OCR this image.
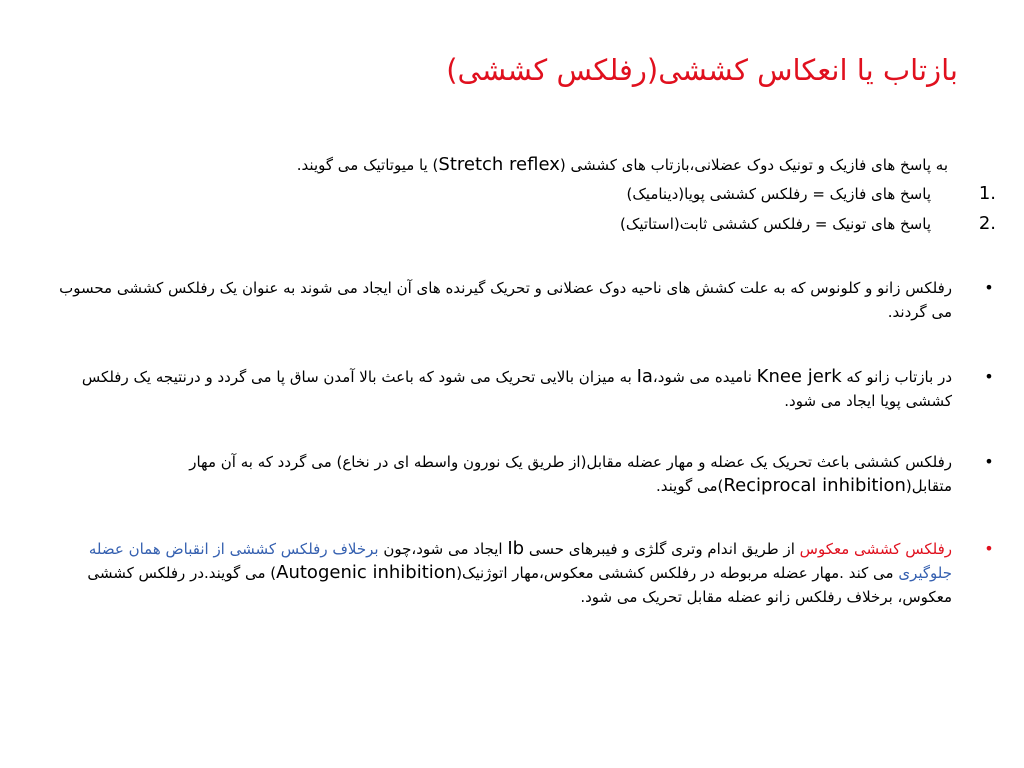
بازتاب یا انعکاس کششی(رفلکس کششی)
به پاسخ های فازیک و تونیک دوک عضلانی،بازتاب های کششی (Stretch reflex) یا میوتاتیک می گویند.
1.
پاسخ های فازیک = رفلکس کششی پویا(دینامیک)
2.
پاسخ های تونیک = رفلکس کششی ثابت(استاتیک)
•
رفلکس زانو و کلونوس که به علت کشش های ناحیه دوک عضلانی و تحریک گیرنده های آن ایجاد می شوند به عنوان یک رفلکس کششی محسوب می گردند.
•
در بازتاب زانو که Knee jerk نامیده می شود،Ia به میزان بالایی تحریک می شود که باعث بالا آمدن ساق پا می گردد و درنتیجه یک رفلکس کششی پویا ایجاد می شود.
•
رفلکس کششی باعث تحریک یک عضله و مهار عضله مقابل(از طریق یک نورون واسطه ای در نخاع) می گردد که به آن مهار متقابل(Reciprocal inhibition)می گویند.
•
رفلکس کششی معکوس از طریق اندام وتری گلژی و فیبرهای حسی Ib ایجاد می شود،چون برخلاف رفلکس کششی از انقباض همان عضله جلوگیری می کند .مهار عضله مربوطه در رفلکس کششی معکوس،مهار اتوژنیک(Autogenic inhibition) می گویند.در رفلکس کششی معکوس، برخلاف رفلکس زانو عضله مقابل تحریک می شود.
